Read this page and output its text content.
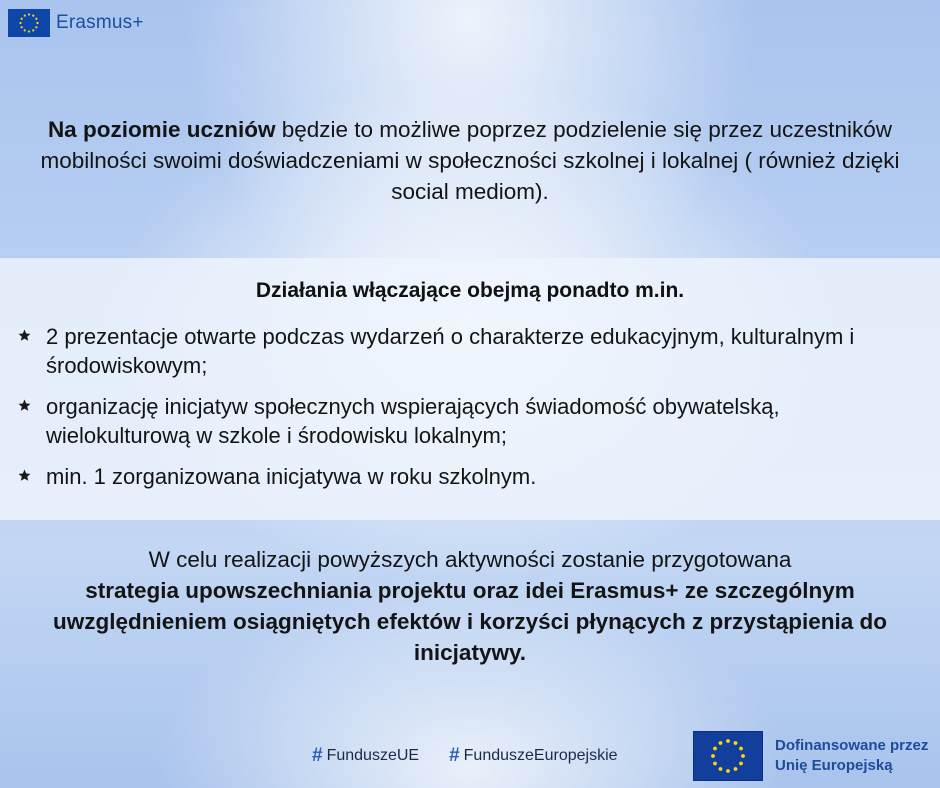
Erasmus+
Na poziomie uczniów będzie to możliwe poprzez podzielenie się przez uczestników mobilności swoimi doświadczeniami w społeczności szkolnej i lokalnej ( również dzięki social mediom).
Działania włączające obejmą ponadto m.in.
2 prezentacje otwarte podczas wydarzeń o charakterze edukacyjnym, kulturalnym i środowiskowym;
organizację inicjatyw społecznych wspierających świadomość obywatelską, wielokulturową w szkole i środowisku lokalnym;
min. 1 zorganizowana inicjatywa w roku szkolnym.
W celu realizacji powyższych aktywności zostanie przygotowana
strategia upowszechniania projektu oraz idei Erasmus+ ze szczególnym uwzględnieniem osiągniętych efektów i korzyści płynących z przystąpienia do inicjatywy.
# FunduszeUE # FunduszeEuropejskie
Dofinansowane przez
Unię Europejską
